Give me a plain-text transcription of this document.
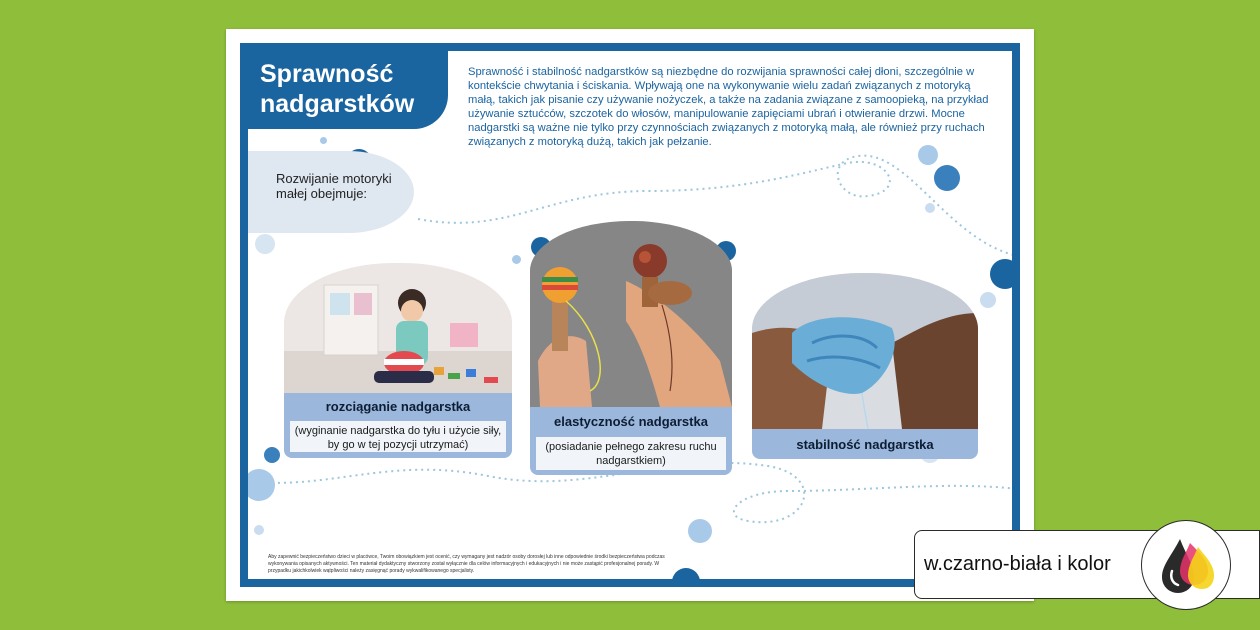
Sprawność nadgarstków

Sprawność i stabilność nadgarstków są niezbędne do rozwijania sprawności całej dłoni, szczególnie w kontekście chwytania i ściskania. Wpływają one na wykonywanie wielu zadań związanych z motoryką małą, takich jak pisanie czy używanie nożyczek, a także na zadania związane z samoopieką, na przykład używanie sztućców, szczotek do włosów, manipulowanie zapięciami ubrań i otwieranie drzwi. Mocne nadgarstki są ważne nie tylko przy czynnościach związanych z motoryką małą, ale również przy ruchach związanych z motoryką dużą, takich jak pełzanie.

Rozwijanie motoryki małej obejmuje:

rozciąganie nadgarstka
(wyginanie nadgarstka do tyłu i użycie siły, by go w tej pozycji utrzymać)
elastyczność nadgarstka
(posiadanie pełnego zakresu ruchu nadgarstkiem)
stabilność nadgarstka

Aby zapewnić bezpieczeństwo dzieci w placówce, Twoim obowiązkiem jest ocenić, czy wymagany jest nadzór osoby dorosłej lub inne odpowiednie środki bezpieczeństwa podczas wykonywania opisanych aktywności. Ten materiał dydaktyczny stworzony został wyłącznie dla celów informacyjnych i edukacyjnych i nie może zastąpić profesjonalnej porady. W przypadku jakichkolwiek wątpliwości należy zasięgnąć porady wykwalifikowanego specjalisty.	w.czarno-biała i kolor
